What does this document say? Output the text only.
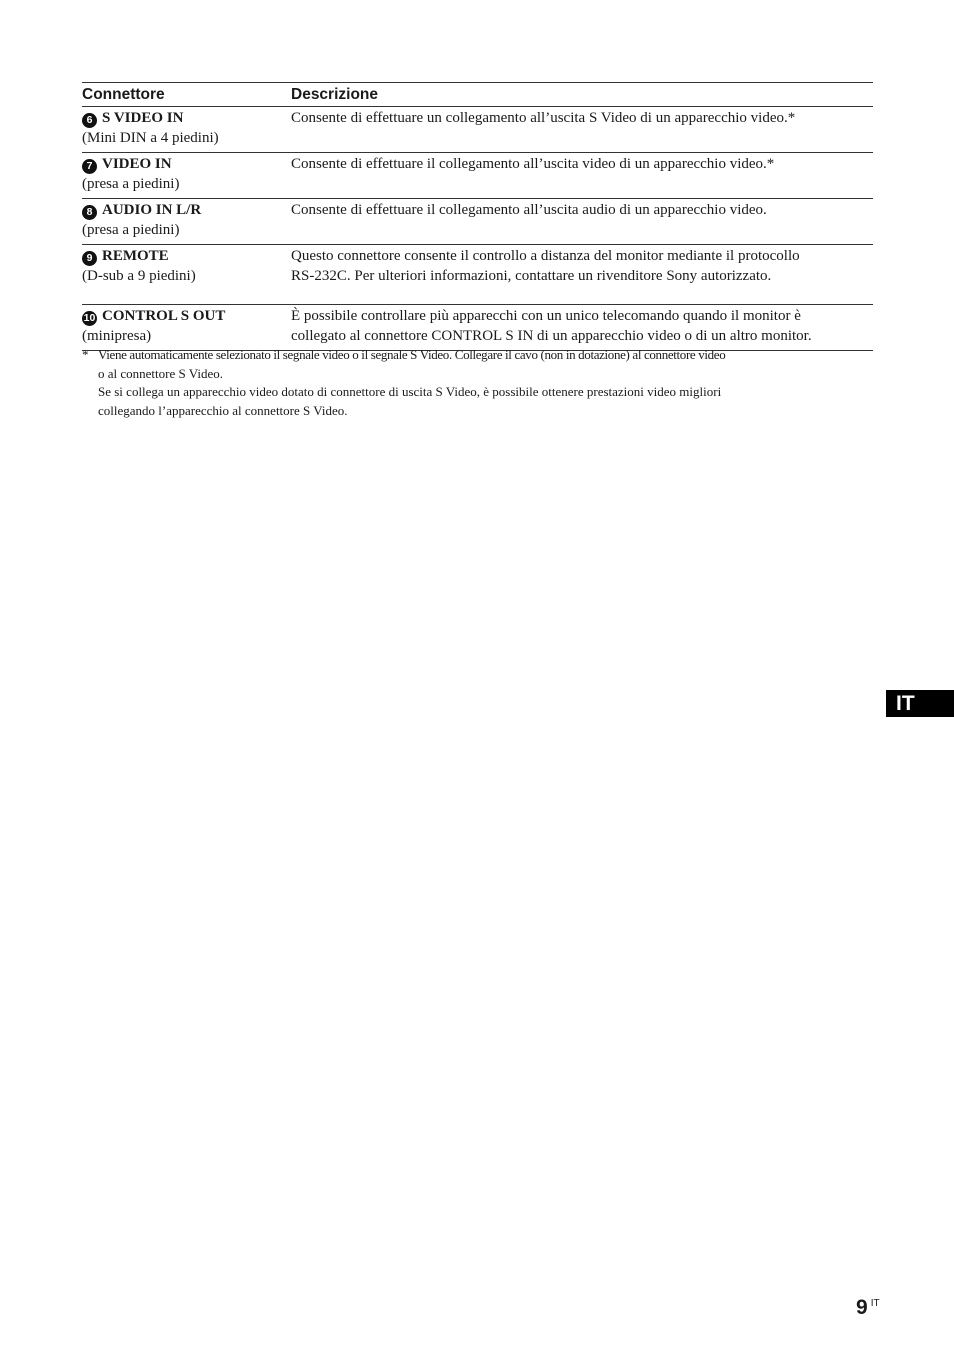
Connettore	Descrizione
6 S VIDEO IN
(Mini DIN a 4 piedini)
Consente di effettuare un collegamento all’uscita S Video di un apparecchio video.*
7 VIDEO IN
(presa a piedini)
Consente di effettuare il collegamento all’uscita video di un apparecchio video.*
8 AUDIO IN L/R
(presa a piedini)
Consente di effettuare il collegamento all’uscita audio di un apparecchio video.
9 REMOTE
(D-sub a 9 piedini)
Questo connettore consente il controllo a distanza del monitor mediante il protocollo
RS-232C. Per ulteriori informazioni, contattare un rivenditore Sony autorizzato.
10 CONTROL S OUT
(minipresa)
È possibile controllare più apparecchi con un unico telecomando quando il monitor è
collegato al connettore CONTROL S IN di un apparecchio video o di un altro monitor.
* Viene automaticamente selezionato il segnale video o il segnale S Video. Collegare il cavo (non in dotazione) al connettore video
o al connettore S Video.
Se si collega un apparecchio video dotato di connettore di uscita S Video, è possibile ottenere prestazioni video migliori
collegando l’apparecchio al connettore S Video.
IT
9 $^{IT}$
